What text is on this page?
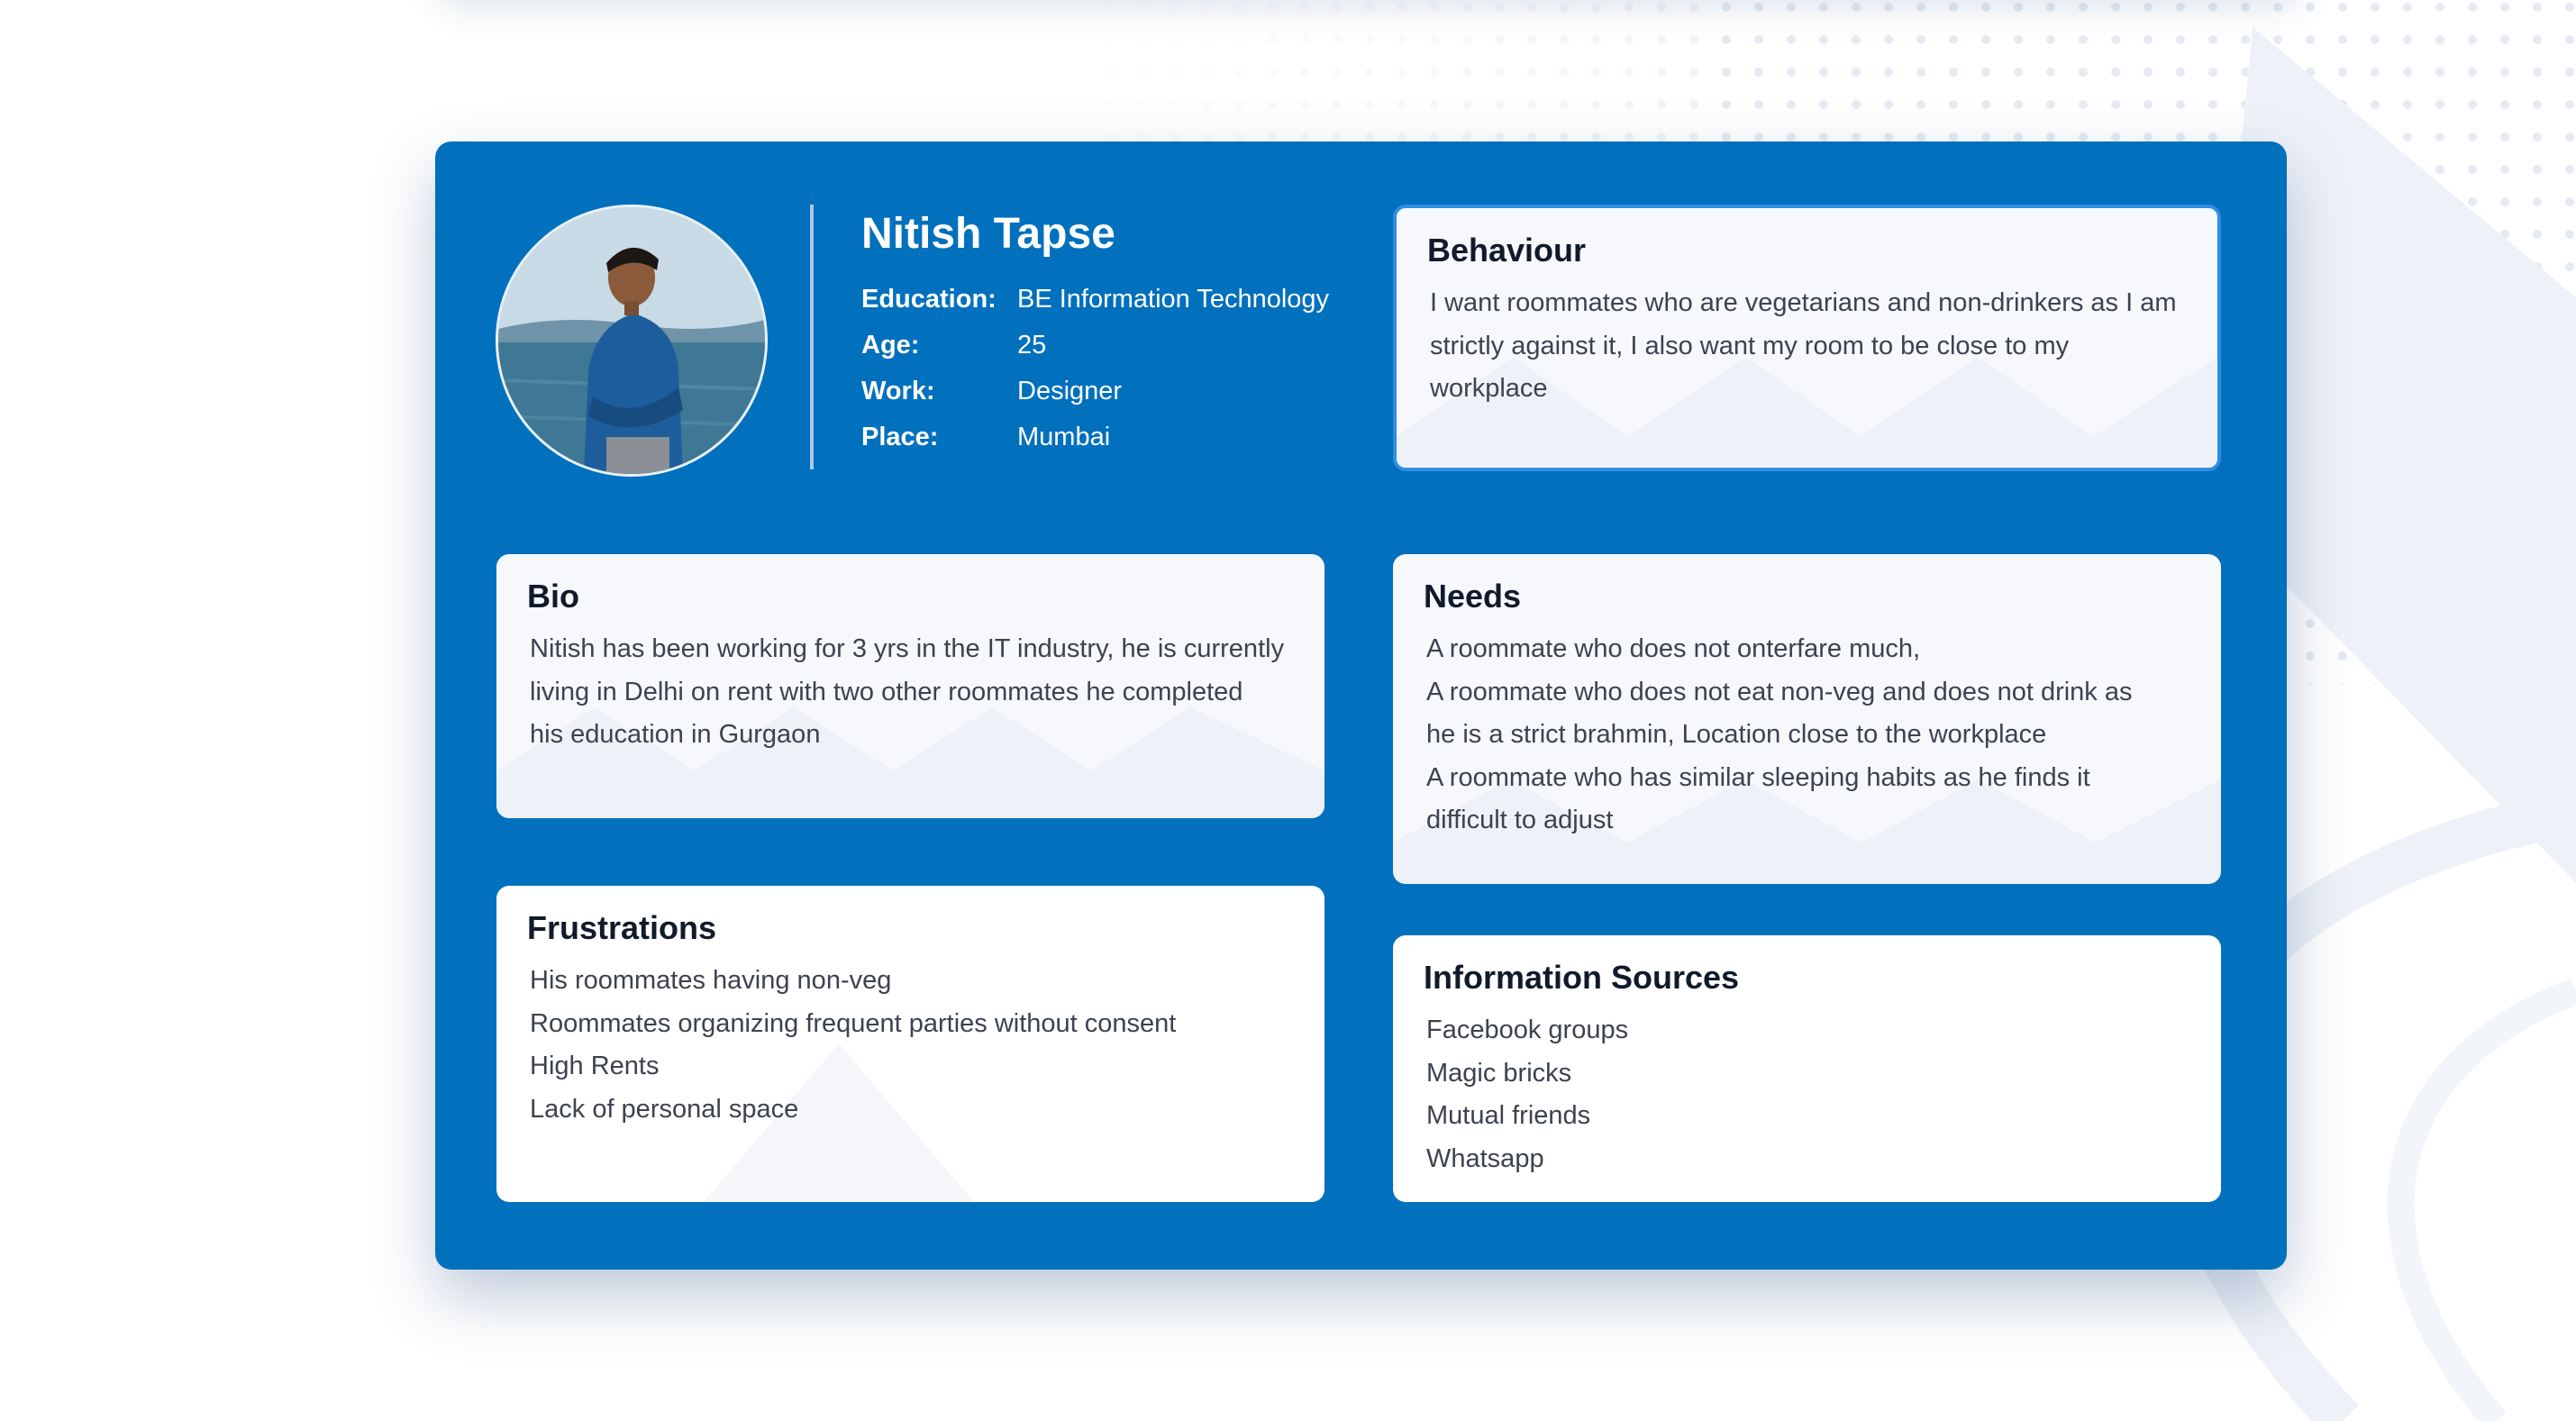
Nitish Tapse
Education: BE Information Technology
Age:	25
Work:	Designer
Place:	Mumbai
Behaviour
I want roommates who are vegetarians and non-drinkers as I am
strictly against it, I also want my room to be close to my
workplace
Bio
Nitish has been working for 3 yrs in the IT industry, he is currently
living in Delhi on rent with two other roommates he completed
his education in Gurgaon
Needs
A roommate who does not onterfare much,
A roommate who does not eat non-veg and does not drink as
he is a strict brahmin, Location close to the workplace
A roommate who has similar sleeping habits as he finds it
difficult to adjust
Frustrations
His roommates having non-veg
Roommates organizing frequent parties without consent
High Rents
Lack of personal space
Information Sources
Facebook groups
Magic bricks
Mutual friends
Whatsapp
